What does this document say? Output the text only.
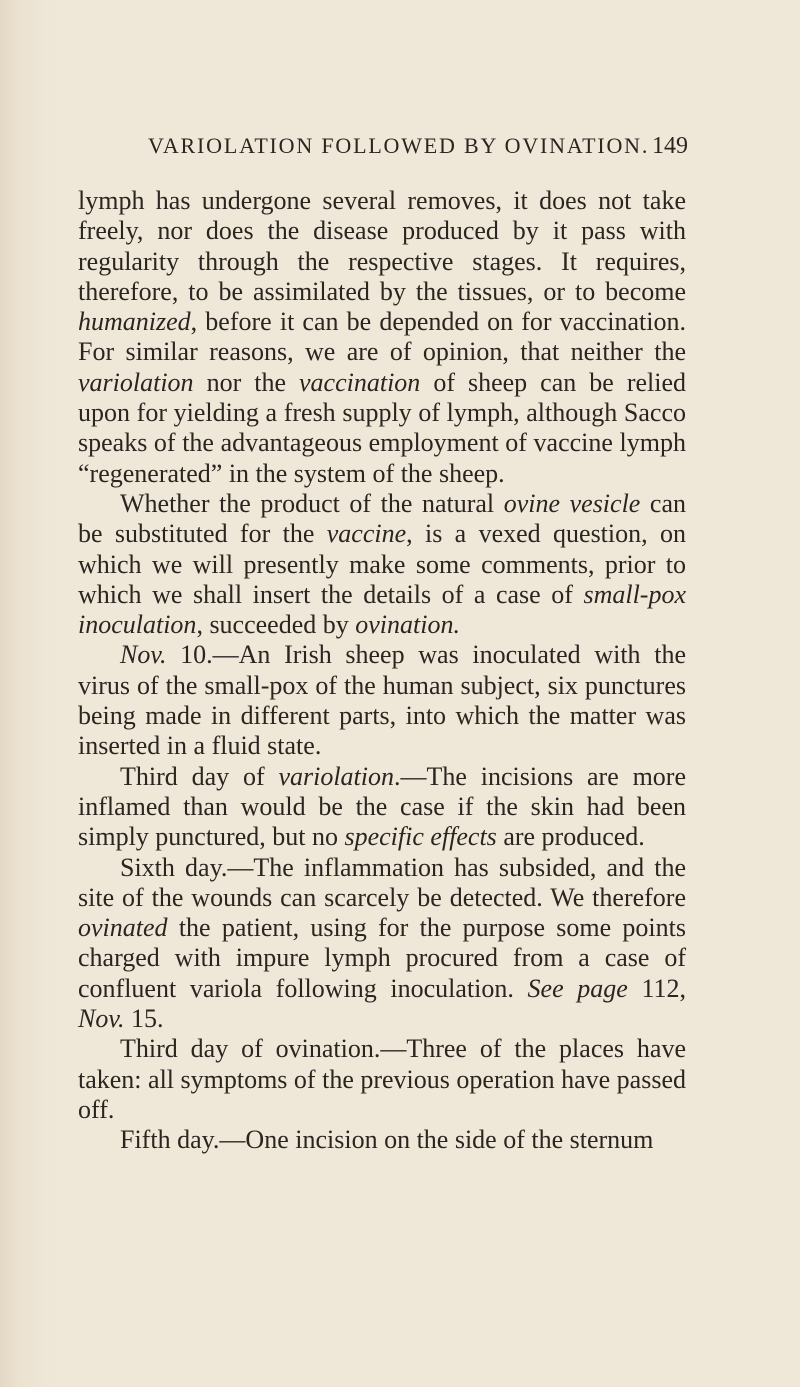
VARIOLATION FOLLOWED BY OVINATION. 149

lymph has undergone several removes, it does not take freely, nor does the disease produced by it pass with regularity through the respective stages. It requires, therefore, to be assimilated by the tissues, or to become humanized, before it can be depended on for vaccination. For similar reasons, we are of opinion, that neither the variolation nor the vaccination of sheep can be relied upon for yielding a fresh supply of lymph, although Sacco speaks of the advantageous employment of vaccine lymph “regenerated” in the system of the sheep.

Whether the product of the natural ovine vesicle can be substituted for the vaccine, is a vexed question, on which we will presently make some comments, prior to which we shall insert the details of a case of small-pox inoculation, succeeded by ovination.

Nov. 10.—An Irish sheep was inoculated with the virus of the small-pox of the human subject, six punctures being made in different parts, into which the matter was inserted in a fluid state.

Third day of variolation.—The incisions are more inflamed than would be the case if the skin had been simply punctured, but no specific effects are produced.

Sixth day.—The inflammation has subsided, and the site of the wounds can scarcely be detected. We therefore ovinated the patient, using for the purpose some points charged with impure lymph procured from a case of confluent variola following inoculation. See page 112, Nov. 15.

Third day of ovination.—Three of the places have taken: all symptoms of the previous operation have passed off.

Fifth day.—One incision on the side of the sternum
